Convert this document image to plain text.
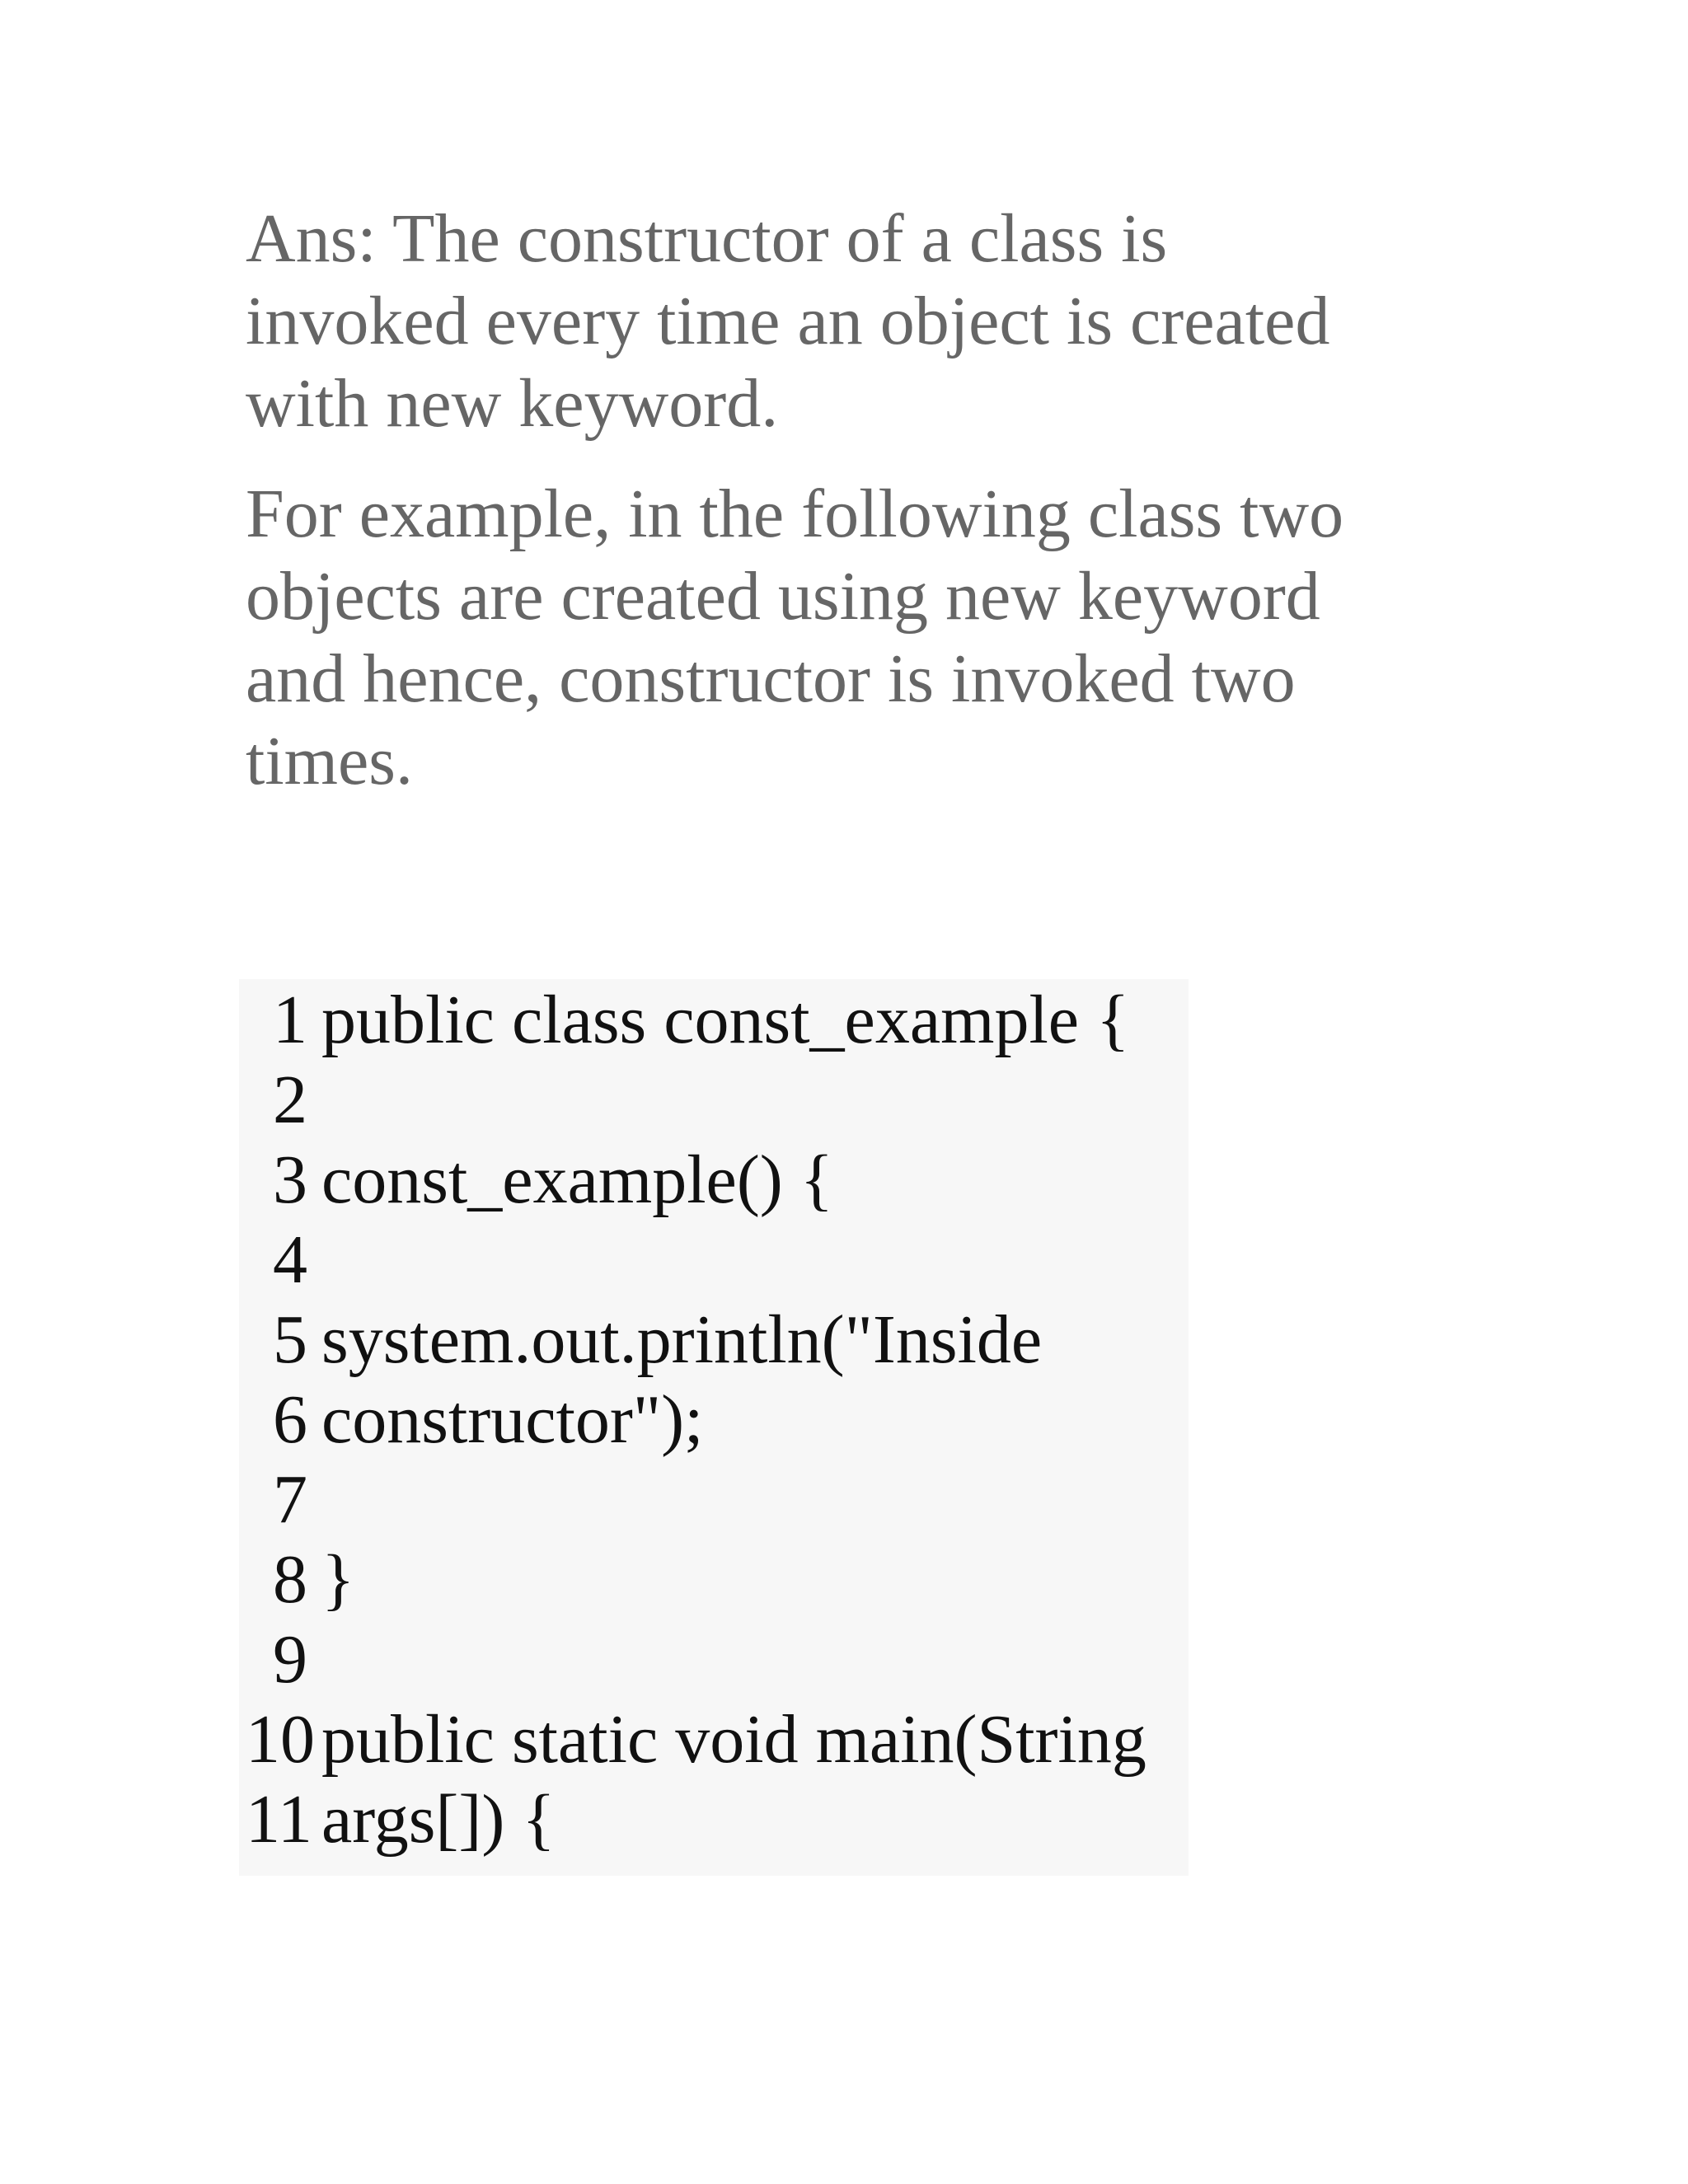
Ans: The constructor of a class is
invoked every time an object is created
with new keyword.

For example, in the following class two
objects are created using new keyword
and hence, constructor is invoked two
times.

1 public class const_example {
2
3 const_example() {
4
5 system.out.println("Inside
6 constructor");
7
8 }
9
10 public static void main(String
11 args[]) {
